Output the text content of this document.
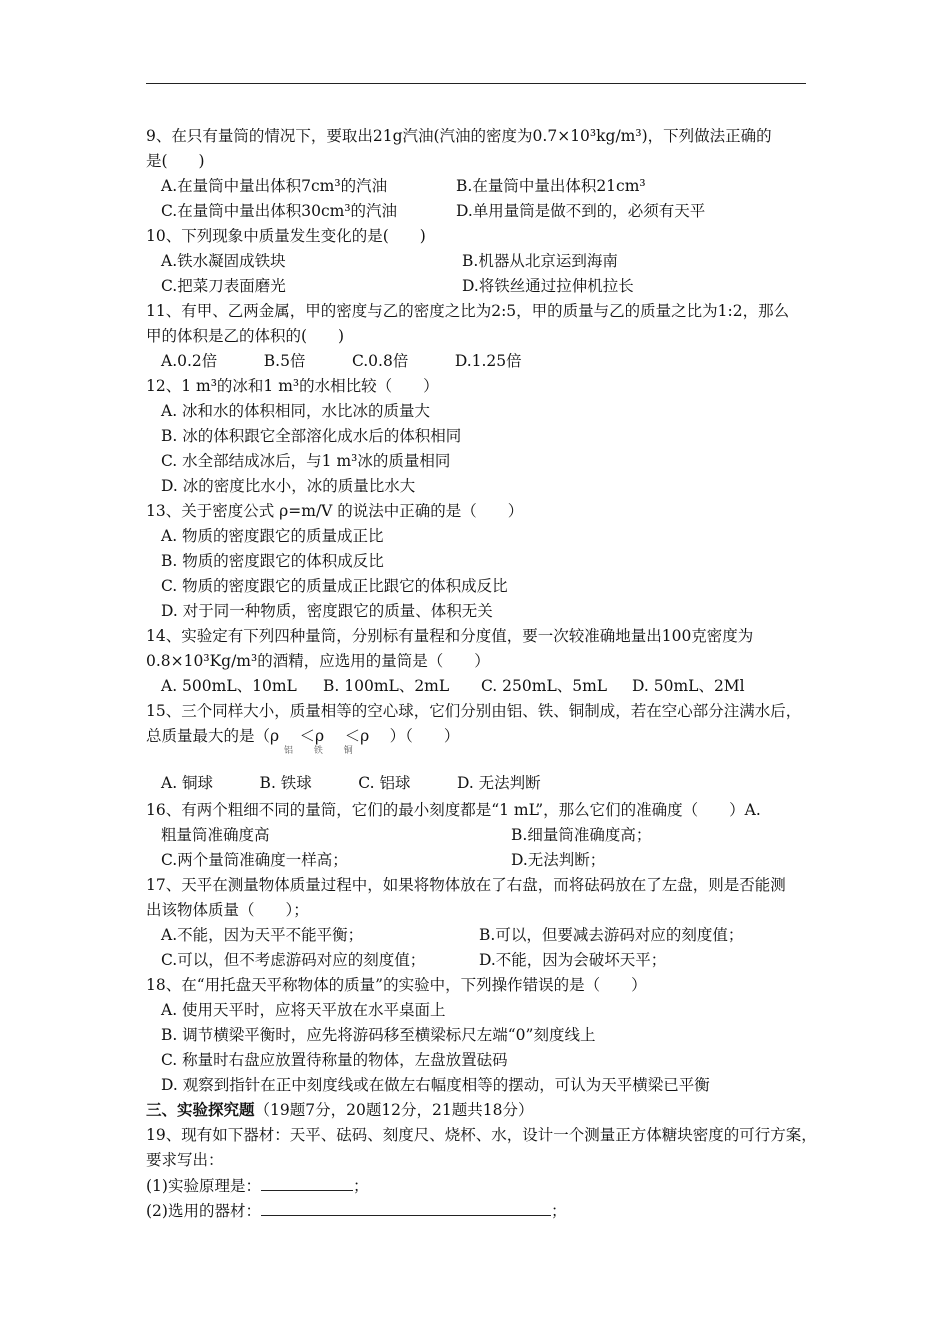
9、在只有量筒的情况下，要取出21g汽油(汽油的密度为0.7×10³kg/m³)，下列做法正确的
是(　　)
A.在量筒中量出体积7cm³的汽油	B.在量筒中量出体积21cm³
C.在量筒中量出体积30cm³的汽油	D.单用量筒是做不到的，必须有天平
10、下列现象中质量发生变化的是(　　)
A.铁水凝固成铁块	B.机器从北京运到海南
C.把菜刀表面磨光	D.将铁丝通过拉伸机拉长
11、有甲、乙两金属，甲的密度与乙的密度之比为2:5，甲的质量与乙的质量之比为1:2，那么
甲的体积是乙的体积的(　　)
A.0.2倍　　　B.5倍　　　C.0.8倍　　　D.1.25倍
12、1 m³的冰和1 m³的水相比较（　　）
A. 冰和水的体积相同，水比冰的质量大
B. 冰的体积跟它全部溶化成水后的体积相同
C. 水全部结成冰后，与1 m³冰的质量相同
D. 冰的密度比水小，冰的质量比水大
13、关于密度公式 ρ=m/V 的说法中正确的是（　　）
A. 物质的密度跟它的质量成正比
B. 物质的密度跟它的体积成反比
C. 物质的密度跟它的质量成正比跟它的体积成反比
D. 对于同一种物质，密度跟它的质量、体积无关
14、实验定有下列四种量筒，分别标有量程和分度值，要一次较准确地量出100克密度为
0.8×10³Kg/m³的酒精，应选用的量筒是（　　）
A. 500mL、10mL B. 100mL、2mL C. 250mL、5mL D. 50mL、2Ml
15、三个同样大小，质量相等的空心球，它们分别由铝、铁、铜制成，若在空心部分注满水后，
总质量最大的是（ρ　 ＜ρ　 ＜ρ　 ）（　　）
铝　　 铁　　 铜
A. 铜球　　　B. 铁球　　　C. 铝球　　　D. 无法判断
16、有两个粗细不同的量筒，它们的最小刻度都是“1 mL”，那么它们的准确度（　　）A.
粗量筒准确度高	B.细量筒准确度高；
C.两个量筒准确度一样高；	D.无法判断；
17、天平在测量物体质量过程中，如果将物体放在了右盘，而将砝码放在了左盘，则是否能测
出该物体质量（　　）；
A.不能，因为天平不能平衡；	B.可以，但要减去游码对应的刻度值；
C.可以，但不考虑游码对应的刻度值；	D.不能，因为会破坏天平；
18、在“用托盘天平称物体的质量”的实验中，下列操作错误的是（　　）
A. 使用天平时，应将天平放在水平桌面上
B. 调节横梁平衡时，应先将游码移至横梁标尺左端“0”刻度线上
C. 称量时右盘应放置待称量的物体，左盘放置砝码
D. 观察到指针在正中刻度线或在做左右幅度相等的摆动，可认为天平横梁已平衡
三、实验探究题（19题7分，20题12分，21题共18分）
19、现有如下器材：天平、砝码、刻度尺、烧杯、水，设计一个测量正方体糖块密度的可行方案，
要求写出：
(1)实验原理是：	；
(2)选用的器材：	；
